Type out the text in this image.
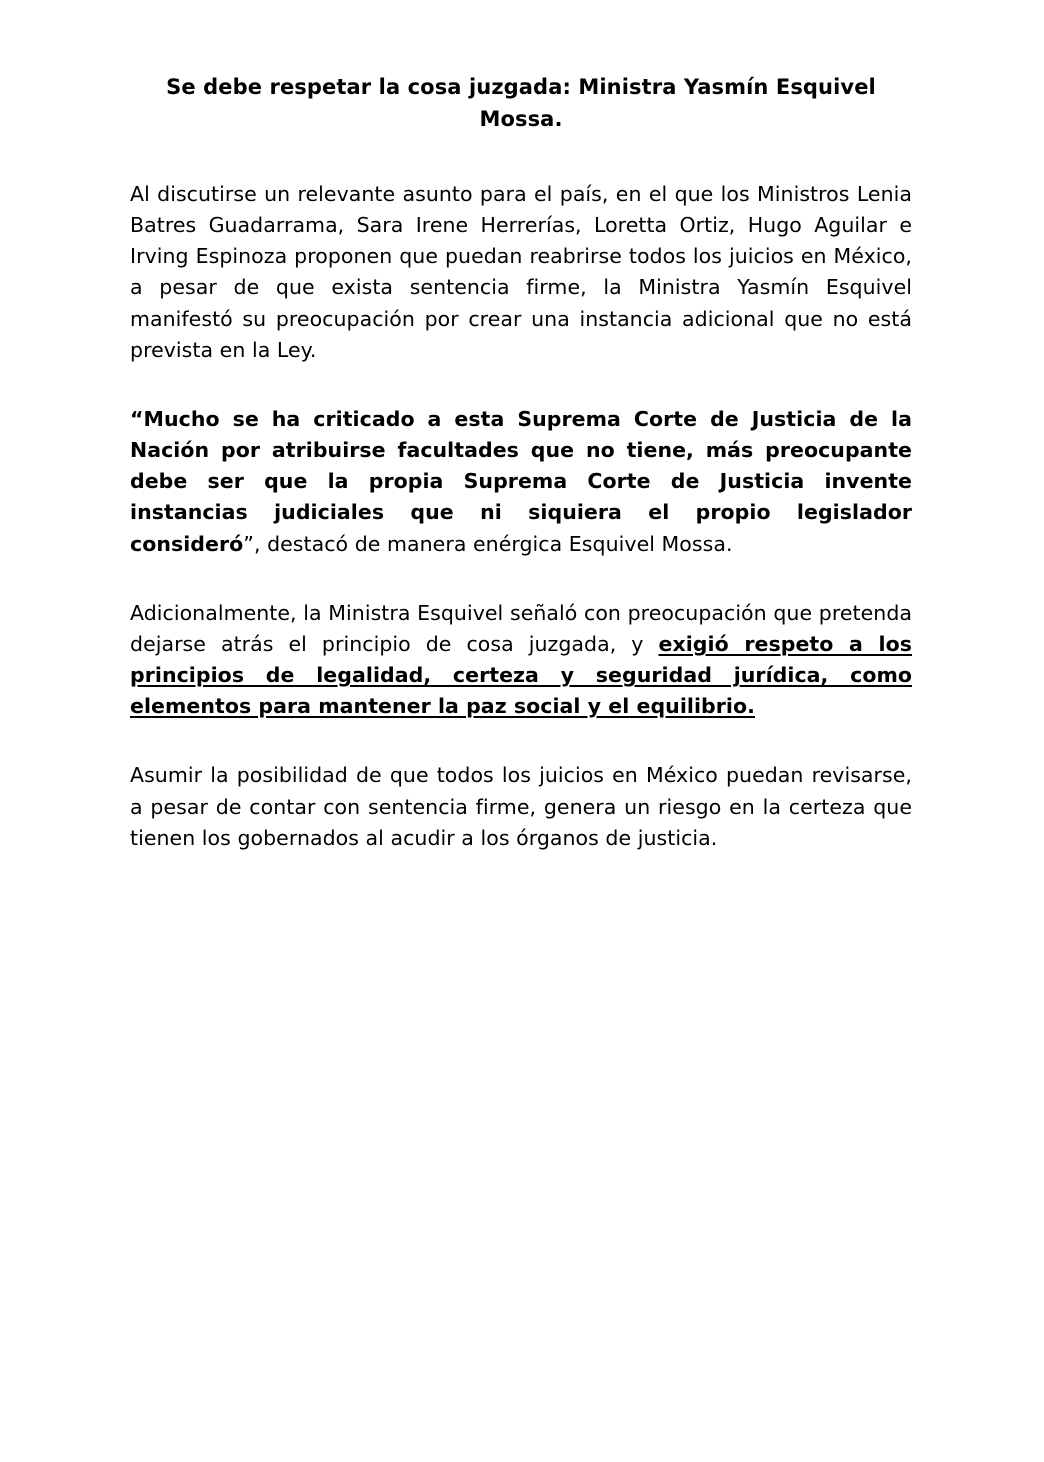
Se debe respetar la cosa juzgada: Ministra Yasmín Esquivel Mossa.

Al discutirse un relevante asunto para el país, en el que los Ministros Lenia Batres Guadarrama, Sara Irene Herrerías, Loretta Ortiz, Hugo Aguilar e Irving Espinoza proponen que puedan reabrirse todos los juicios en México, a pesar de que exista sentencia firme, la Ministra Yasmín Esquivel manifestó su preocupación por crear una instancia adicional que no está prevista en la Ley.

“Mucho se ha criticado a esta Suprema Corte de Justicia de la Nación por atribuirse facultades que no tiene, más preocupante debe ser que la propia Suprema Corte de Justicia invente instancias judiciales que ni siquiera el propio legislador consideró”, destacó de manera enérgica Esquivel Mossa.

Adicionalmente, la Ministra Esquivel señaló con preocupación que pretenda dejarse atrás el principio de cosa juzgada, y exigió respeto a los principios de legalidad, certeza y seguridad jurídica, como elementos para mantener la paz social y el equilibrio.

Asumir la posibilidad de que todos los juicios en México puedan revisarse, a pesar de contar con sentencia firme, genera un riesgo en la certeza que tienen los gobernados al acudir a los órganos de justicia.
